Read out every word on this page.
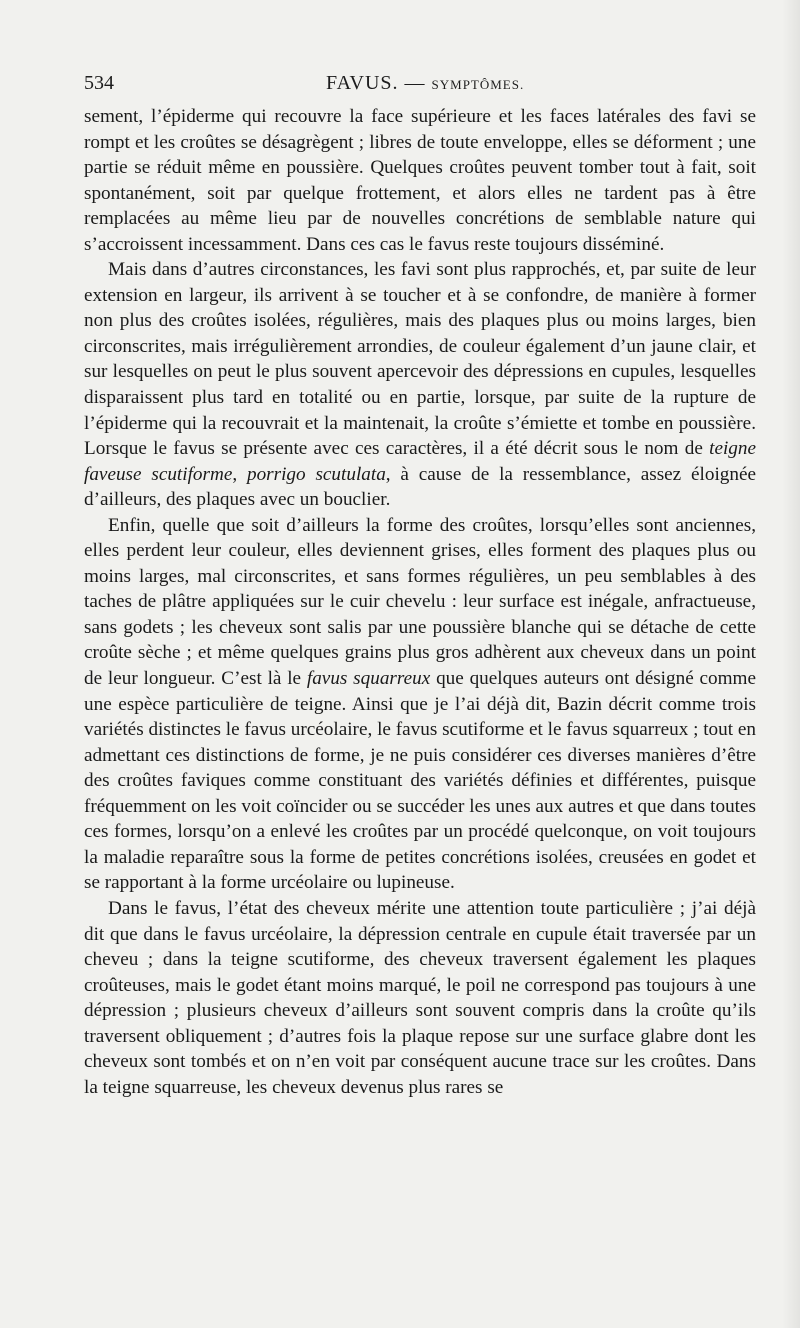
534	FAVUS. — SYMPTÔMES.

sement, l’épiderme qui recouvre la face supérieure et les faces latérales des favi se rompt et les croûtes se désagrègent ; libres de toute enveloppe, elles se déforment ; une partie se réduit même en poussière. Quelques croûtes peuvent tomber tout à fait, soit spontanément, soit par quelque frottement, et alors elles ne tardent pas à être remplacées au même lieu par de nouvelles concrétions de semblable nature qui s’accroissent incessamment. Dans ces cas le favus reste toujours disséminé.

Mais dans d’autres circonstances, les favi sont plus rapprochés, et, par suite de leur extension en largeur, ils arrivent à se toucher et à se confondre, de manière à former non plus des croûtes isolées, régulières, mais des plaques plus ou moins larges, bien circonscrites, mais irrégulièrement arrondies, de couleur également d’un jaune clair, et sur lesquelles on peut le plus souvent apercevoir des dépressions en cupules, lesquelles disparaissent plus tard en totalité ou en partie, lorsque, par suite de la rupture de l’épiderme qui la recouvrait et la maintenait, la croûte s’émiette et tombe en poussière. Lorsque le favus se présente avec ces caractères, il a été décrit sous le nom de teigne faveuse scutiforme, porrigo scutulata, à cause de la ressemblance, assez éloignée d’ailleurs, des plaques avec un bouclier.

Enfin, quelle que soit d’ailleurs la forme des croûtes, lorsqu’elles sont anciennes, elles perdent leur couleur, elles deviennent grises, elles forment des plaques plus ou moins larges, mal circonscrites, et sans formes régulières, un peu semblables à des taches de plâtre appliquées sur le cuir chevelu : leur surface est inégale, anfractueuse, sans godets ; les cheveux sont salis par une poussière blanche qui se détache de cette croûte sèche ; et même quelques grains plus gros adhèrent aux cheveux dans un point de leur longueur. C’est là le favus squarreux que quelques auteurs ont désigné comme une espèce particulière de teigne. Ainsi que je l’ai déjà dit, Bazin décrit comme trois variétés distinctes le favus urcéolaire, le favus scutiforme et le favus squarreux ; tout en admettant ces distinctions de forme, je ne puis considérer ces diverses manières d’être des croûtes faviques comme constituant des variétés définies et différentes, puisque fréquemment on les voit coïncider ou se succéder les unes aux autres et que dans toutes ces formes, lorsqu’on a enlevé les croûtes par un procédé quelconque, on voit toujours la maladie reparaître sous la forme de petites concrétions isolées, creusées en godet et se rapportant à la forme urcéolaire ou lupineuse.

Dans le favus, l’état des cheveux mérite une attention toute particulière ; j’ai déjà dit que dans le favus urcéolaire, la dépression centrale en cupule était traversée par un cheveu ; dans la teigne scutiforme, des cheveux traversent également les plaques croûteuses, mais le godet étant moins marqué, le poil ne correspond pas toujours à une dépression ; plusieurs cheveux d’ailleurs sont souvent compris dans la croûte qu’ils traversent obliquement ; d’autres fois la plaque repose sur une surface glabre dont les cheveux sont tombés et on n’en voit par conséquent aucune trace sur les croûtes. Dans la teigne squarreuse, les cheveux devenus plus rares se
